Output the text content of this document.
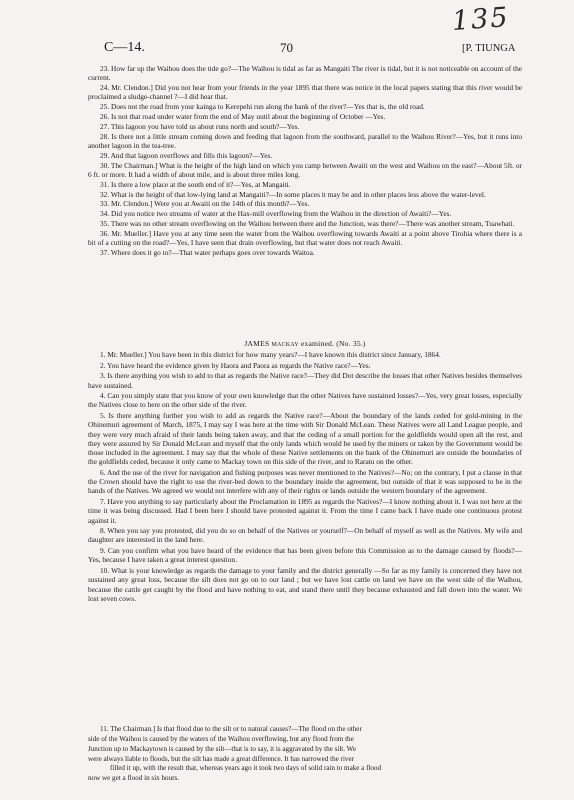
135
C—14.	70	[P. TIUNGA

23. How far up the Waihou does the tide go?—The Waihou is tidal as far as Mangaiti The river is tidal, but it is not noticeable on account of the current.

24. Mr. Clendon.] Did you not hear from your friends in the year 1895 that there was notice in the local papers stating that this river would be proclaimed a sludge-channel ?—I did hear that.

25. Does not the road from your kainga to Kerepehi run along the bank of the river?—Yes that is, the old road.

26. Is not that road under water from the end of May uutil about the beginning of October —Yes.

27. This lagoon you have told us about runs north and south?—Yes.

28. Is there not a little stream coming down and feeding that lagoon from the southward, parallel to the Waihou River?—Yes, but it runs into another lagoon in the tea-tree.

29. And that lagoon overflows and fills this lagoon?—Yes.

30. The Chairman.] What is the height of the high land on which you camp between Awaiti on the west and Waihou on the east?—About 5ft. or 6 ft. or more. It had a width of about mile, and is about three miles long.

31. Is there a low place at the south end of it?—Yes, at Mangaiti.

32. What is the height of that low-lying land at Mangaiti?—In some places it may be and in other places less above the water-level.

33. Mr. Clendon.] Were you at Awaiti on the 14th of this month?—Yes.

34. Did you notice two streams of water at the Hax-mill overflowing from the Waihou in the direction of Awaiti?—Yes.

35. There was no other stream overflowing on the Waihou between there and the Junction, was there?—There was another stream, Tuawhati.

36. Mr. Mueller.] Have you at any time seen the water from the Waihou overflowing towards Awaiti at a point above Tirohia where there is a bit of a cutting on the road?—Yes, I have seen that drain overflowing, but that water does not reach Awaiti.

37. Where does it go to?—That water perhaps goes over towards Waitoa.

JAMES MACKAY examined. (No. 35.)

1. Mr. Mueller.] You have been in this district for how many years?—I have known this district since January, 1864.

2. You have heard the evidence given by Haora and Paora as regards the Native race?—Yes.

3. Is there anything you wish to add to that as regards the Native race?—They did Dot describe the losses that other Natives besides themselves have sustained.

4. Can you simply state that you know of your own knowledge that the other Natives have sustained losses?—Yes, very great losses, especially the Natives close to here on the other side of the river.

5. Is there anything further you wish to add as regards the Native race?—About the boundary of the lands ceded for gold-mining in the Ohinemuri agreement of March, 1875, I may say I was here at the time with Sir Donald McLean. These Natives were all Land League people, and they were very much afraid of their lands being taken away, and that the ceding of a small portion for the goldfields would open all the rest, and they were assured by Sir Donald McLean and myself that the only lands which would be used by the miners or taken by the Government would be those included in the agreement. I may say that the whole of these Native settlements on the bank of the Ohinemuri are outside the boundaries of the goldfields ceded, because it only came to Mackay town on this side of the river, and to Raratu on the other.

6. And the use of the river for navigation and fishing purposes was never mentioned to the Natives?—No; on the contrary, I put a clause in that the Crown should have the right to use the river-bed down to the boundary inside the agreement, but outside of that it was supposed to be in the hands of the Natives. We agreed we would not interfere with any of their rights or lands outside the western boundary of the agreement.

7. Have you anything to say particularly about the Proclamation in 1895 as regards the Natives?—I know nothing about it. I was not here at the time it was being discussed. Had I been here I should have protested against it. From the time I came back I have made one continuous protest against it.

8. When you say you protested, did you do so on behalf of the Natives or yourself?—On behalf of myself as well as the Natives. My wife and daughter are interested in the land here.

9. Can you confirm what you have heard of the evidence that has been given before this Commission as to the damage caused by floods?—Yes, because I have taken a great interest question.

10. What is your knowledge as regards the damage to your family and the district generally —So far as my family is concerned they have not sustained any great loss, because the silt does not go on to our land ; but we have lost cattle on land we have on the west side of the Waihou, because the cattle get caught by the flood and have nothing to eat, and stand there until they because exhausted and fall down into the water. We lost seven cows.

11. The Chairman.] Is that flood due to the silt or to natural causes?—The flood on the other

side of the Waihou is caused by the waters of the Waihou overflowing, but any flood from the

Junction up to Mackaytown is caused by the silt—that is to say, it is aggravated by the silt. We

were always liable to floods, but the silt has made a great difference. It has narrowed the river

filled it up, with the result that, whereas years ago it took two days of solid rain to make a flood

now we get a flood in six hours.
